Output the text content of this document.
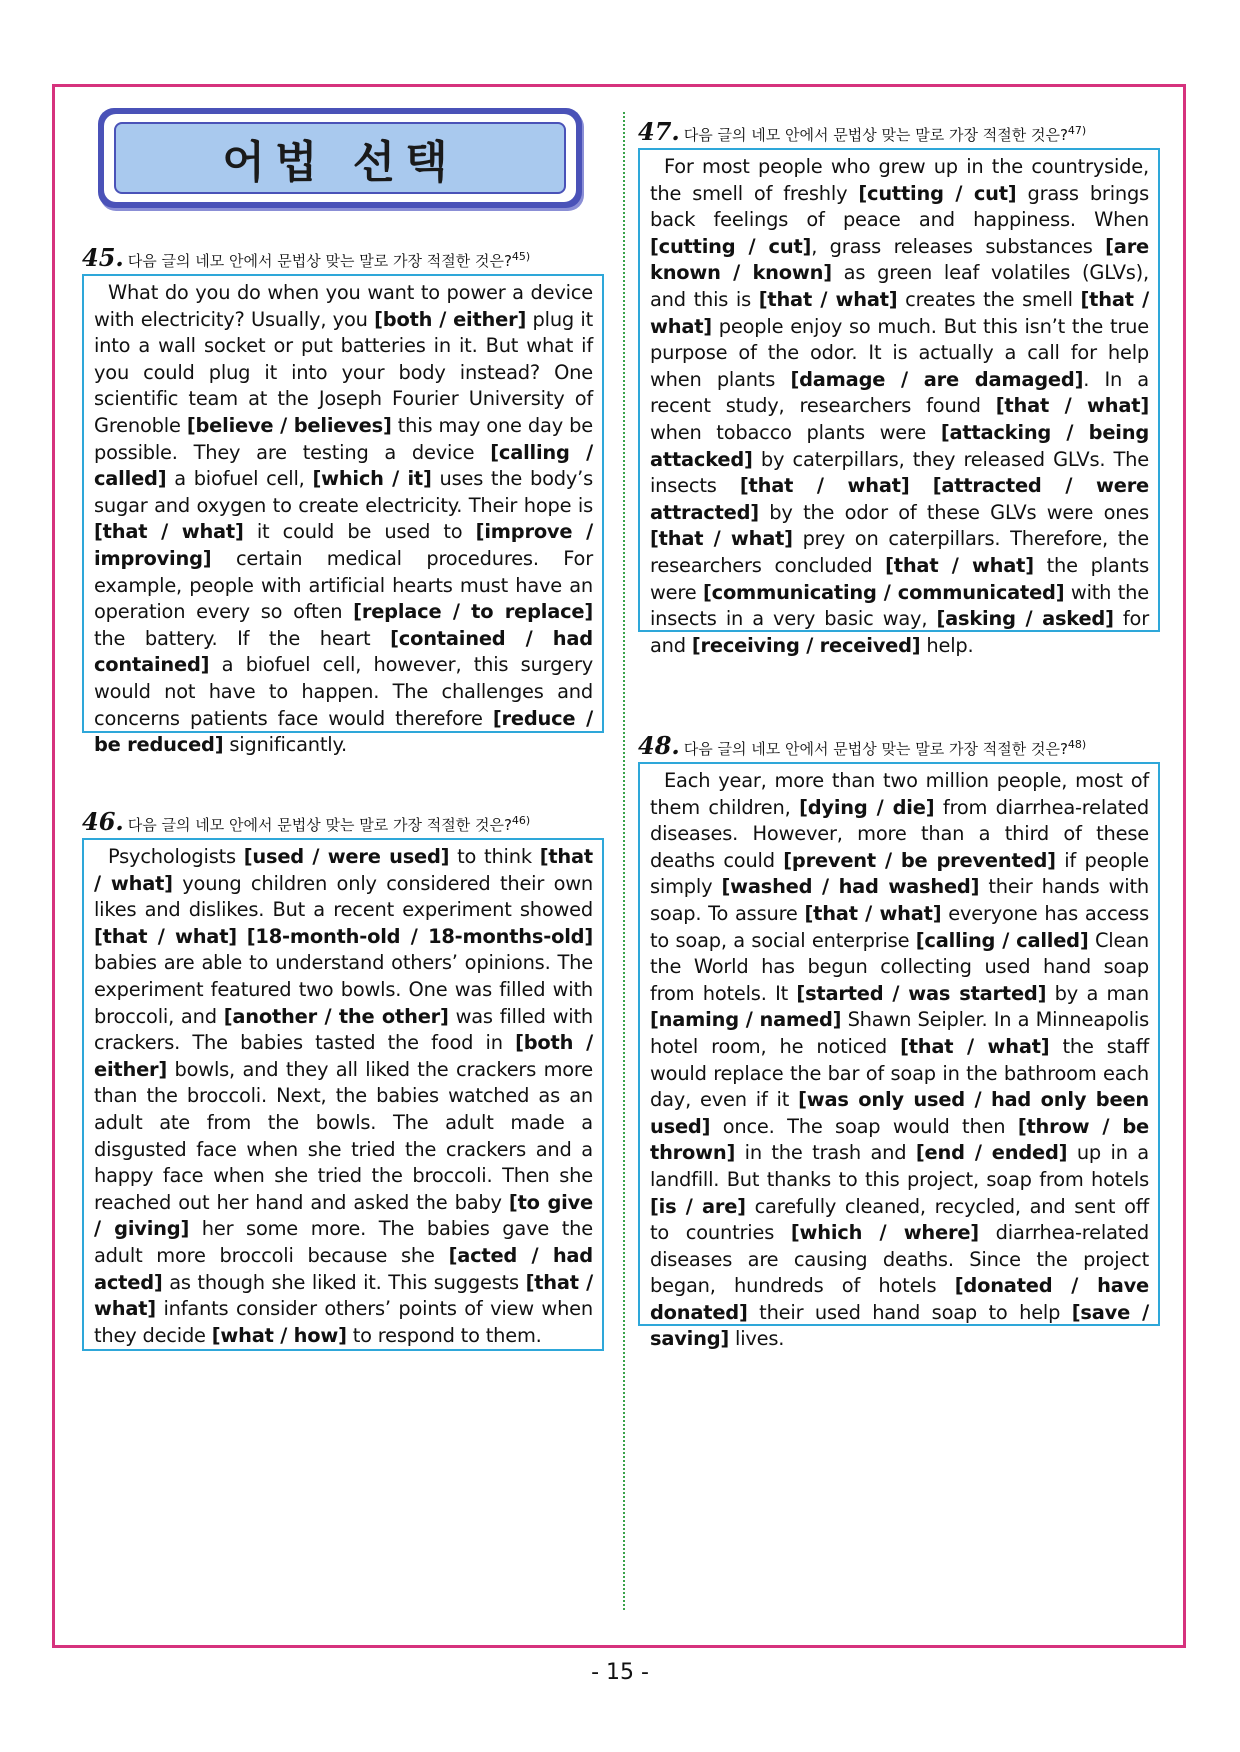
어법 선택
45. 다음 글의 네모 안에서 문법상 맞는 말로 가장 적절한 것은?$^{45)}$

What do you do when you want to power a device with electricity? Usually, you [both / either] plug it into a wall socket or put batteries in it. But what if you could plug it into your body instead? One scientific team at the Joseph Fourier University of Grenoble [believe / believes] this may one day be possible. They are testing a device [calling / called] a biofuel cell, [which / it] uses the body’s sugar and oxygen to create electricity. Their hope is [that / what] it could be used to [improve / improving] certain medical procedures. For example, people with artificial hearts must have an operation every so often [replace / to replace] the battery. If the heart [contained / had contained] a biofuel cell, however, this surgery would not have to happen. The challenges and concerns patients face would therefore [reduce / be reduced] significantly.

46. 다음 글의 네모 안에서 문법상 맞는 말로 가장 적절한 것은?$^{46)}$

Psychologists [used / were used] to think [that / what] young children only considered their own likes and dislikes. But a recent experiment showed [that / what] [18-month-old / 18-months-old] babies are able to understand others’ opinions. The experiment featured two bowls. One was filled with broccoli, and [another / the other] was filled with crackers. The babies tasted the food in [both / either] bowls, and they all liked the crackers more than the broccoli. Next, the babies watched as an adult ate from the bowls. The adult made a disgusted face when she tried the crackers and a happy face when she tried the broccoli. Then she reached out her hand and asked the baby [to give / giving] her some more. The babies gave the adult more broccoli because she [acted / had acted] as though she liked it. This suggests [that / what] infants consider others’ points of view when they decide [what / how] to respond to them.

47. 다음 글의 네모 안에서 문법상 맞는 말로 가장 적절한 것은?$^{47)}$

For most people who grew up in the countryside, the smell of freshly [cutting / cut] grass brings back feelings of peace and happiness. When [cutting / cut], grass releases substances [are known / known] as green leaf volatiles (GLVs), and this is [that / what] creates the smell [that / what] people enjoy so much. But this isn’t the true purpose of the odor. It is actually a call for help when plants [damage / are damaged]. In a recent study, researchers found [that / what] when tobacco plants were [attacking / being attacked] by caterpillars, they released GLVs. The insects [that / what] [attracted / were attracted] by the odor of these GLVs were ones [that / what] prey on caterpillars. Therefore, the researchers concluded [that / what] the plants were [communicating / communicated] with the insects in a very basic way, [asking / asked] for and [receiving / received] help.

48. 다음 글의 네모 안에서 문법상 맞는 말로 가장 적절한 것은?$^{48)}$

Each year, more than two million people, most of them children, [dying / die] from diarrhea-related diseases. However, more than a third of these deaths could [prevent / be prevented] if people simply [washed / had washed] their hands with soap. To assure [that / what] everyone has access to soap, a social enterprise [calling / called] Clean the World has begun collecting used hand soap from hotels. It [started / was started] by a man [naming / named] Shawn Seipler. In a Minneapolis hotel room, he noticed [that / what] the staff would replace the bar of soap in the bathroom each day, even if it [was only used / had only been used] once. The soap would then [throw / be thrown] in the trash and [end / ended] up in a landfill. But thanks to this project, soap from hotels [is / are] carefully cleaned, recycled, and sent off to countries [which / where] diarrhea-related diseases are causing deaths. Since the project began, hundreds of hotels [donated / have donated] their used hand soap to help [save / saving] lives.

- 15 -
